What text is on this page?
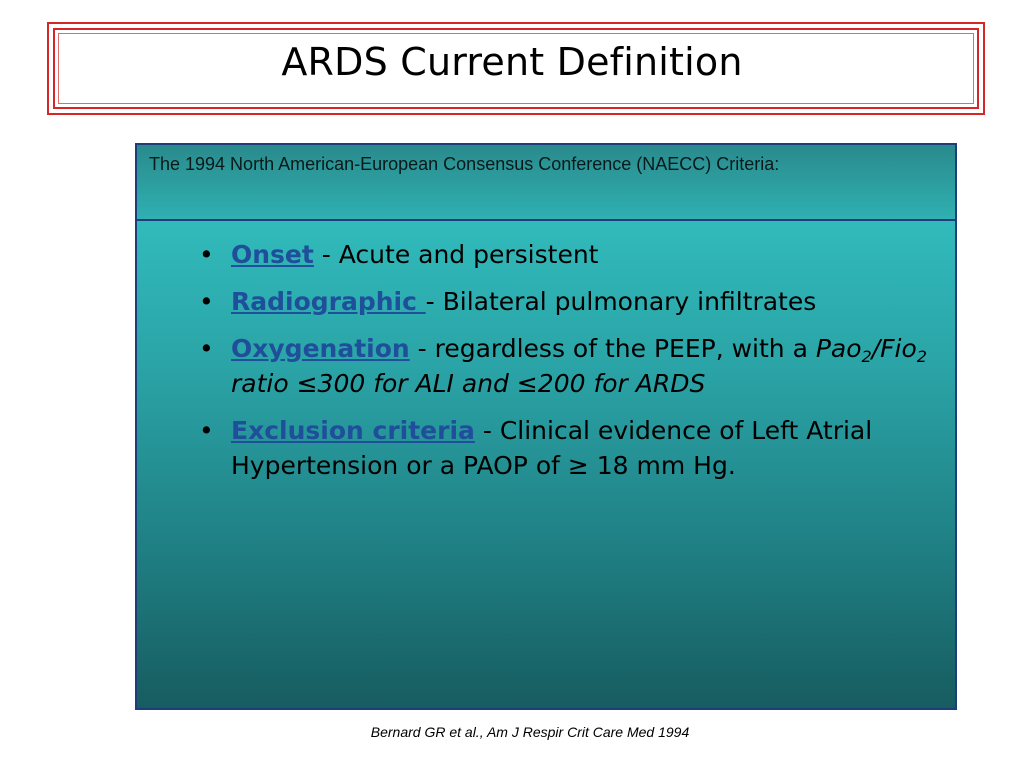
ARDS Current Definition
The 1994 North American-European Consensus Conference (NAECC) Criteria:
• Onset - Acute and persistent
• Radiographic - Bilateral pulmonary infiltrates
• Oxygenation - regardless of the PEEP, with a Pao$_2$/Fio$_2$ ratio ≤300 for ALI and ≤200 for ARDS
• Exclusion criteria - Clinical evidence of Left Atrial Hypertension or a PAOP of ≥ 18 mm Hg.
Bernard GR et al., Am J Respir Crit Care Med 1994
